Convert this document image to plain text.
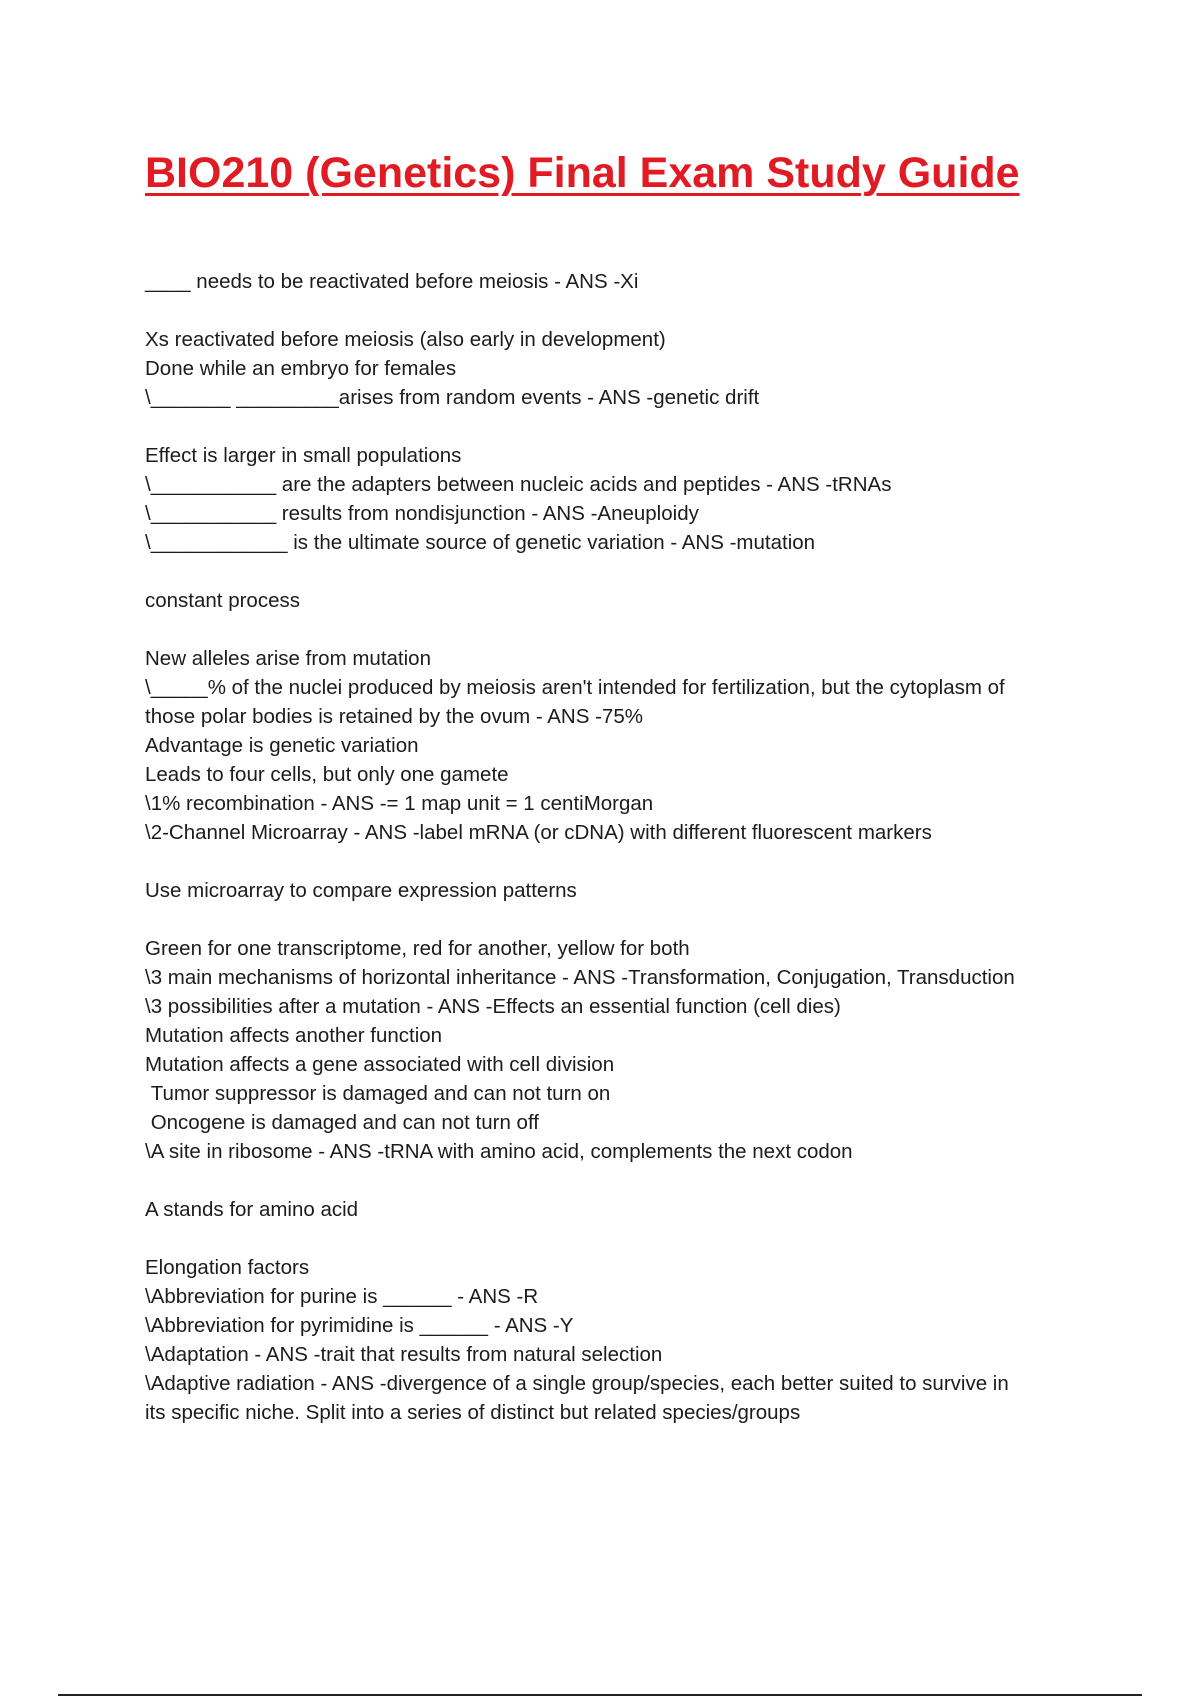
BIO210 (Genetics) Final Exam Study Guide
____ needs to be reactivated before meiosis - ANS -Xi
Xs reactivated before meiosis (also early in development)
Done while an embryo for females
\_______ _________arises from random events - ANS -genetic drift
Effect is larger in small populations
\___________ are the adapters between nucleic acids and peptides - ANS -tRNAs
\___________ results from nondisjunction - ANS -Aneuploidy
\____________ is the ultimate source of genetic variation - ANS -mutation
constant process
New alleles arise from mutation
\_____% of the nuclei produced by meiosis aren't intended for fertilization, but the cytoplasm of
those polar bodies is retained by the ovum - ANS -75%
Advantage is genetic variation
Leads to four cells, but only one gamete
\1% recombination - ANS -= 1 map unit = 1 centiMorgan
\2-Channel Microarray - ANS -label mRNA (or cDNA) with different fluorescent markers
Use microarray to compare expression patterns
Green for one transcriptome, red for another, yellow for both
\3 main mechanisms of horizontal inheritance - ANS -Transformation, Conjugation, Transduction
\3 possibilities after a mutation - ANS -Effects an essential function (cell dies)
Mutation affects another function
Mutation affects a gene associated with cell division
Tumor suppressor is damaged and can not turn on
Oncogene is damaged and can not turn off
\A site in ribosome - ANS -tRNA with amino acid, complements the next codon
A stands for amino acid
Elongation factors
\Abbreviation for purine is ______ - ANS -R
\Abbreviation for pyrimidine is ______ - ANS -Y
\Adaptation - ANS -trait that results from natural selection
\Adaptive radiation - ANS -divergence of a single group/species, each better suited to survive in
its specific niche. Split into a series of distinct but related species/groups
